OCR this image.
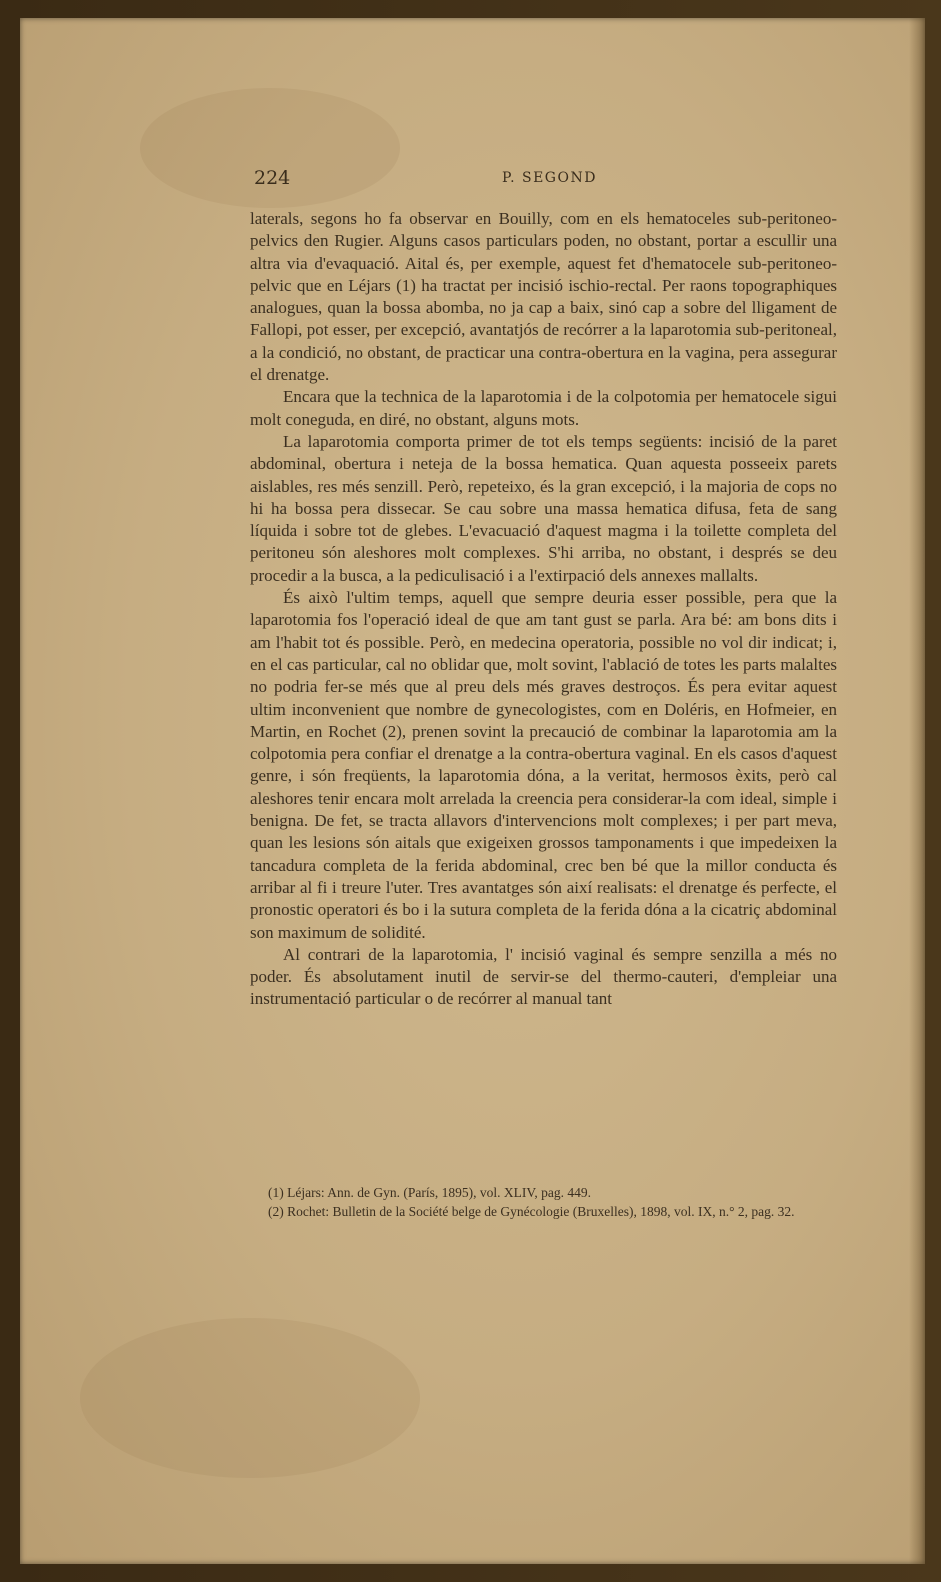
224	P. SEGOND

laterals, segons ho fa observar en Bouilly, com en els hematoceles sub-peritoneo-pelvics den Rugier. Alguns casos particulars poden, no obstant, portar a escullir una altra via d'evaquació. Aital és, per exemple, aquest fet d'hematocele sub-peritoneo-pelvic que en Léjars (1) ha tractat per incisió ischio-rectal. Per raons topographiques analogues, quan la bossa abomba, no ja cap a baix, sinó cap a sobre del lligament de Fallopi, pot esser, per excepció, avantatjós de recórrer a la laparotomia sub-peritoneal, a la condició, no obstant, de practicar una contra-obertura en la vagina, pera assegurar el drenatge.

Encara que la technica de la laparotomia i de la colpotomia per hematocele sigui molt coneguda, en diré, no obstant, alguns mots.

La laparotomia comporta primer de tot els temps següents: incisió de la paret abdominal, obertura i neteja de la bossa hematica. Quan aquesta posseeix parets aislables, res més senzill. Però, repeteixo, és la gran excepció, i la majoria de cops no hi ha bossa pera dissecar. Se cau sobre una massa hematica difusa, feta de sang líquida i sobre tot de glebes. L'evacuació d'aquest magma i la toilette completa del peritoneu són aleshores molt complexes. S'hi arriba, no obstant, i després se deu procedir a la busca, a la pediculisació i a l'extirpació dels annexes mallalts.

És això l'ultim temps, aquell que sempre deuria esser possible, pera que la laparotomia fos l'operació ideal de que am tant gust se parla. Ara bé: am bons dits i am l'habit tot és possible. Però, en medecina operatoria, possible no vol dir indicat; i, en el cas particular, cal no oblidar que, molt sovint, l'ablació de totes les parts malaltes no podria fer-se més que al preu dels més graves destroços. És pera evitar aquest ultim inconvenient que nombre de gynecologistes, com en Doléris, en Hofmeier, en Martin, en Rochet (2), prenen sovint la precaució de combinar la laparotomia am la colpotomia pera confiar el drenatge a la contra-obertura vaginal. En els casos d'aquest genre, i són freqüents, la laparotomia dóna, a la veritat, hermosos èxits, però cal aleshores tenir encara molt arrelada la creencia pera considerar-la com ideal, simple i benigna. De fet, se tracta allavors d'intervencions molt complexes; i per part meva, quan les lesions són aitals que exigeixen grossos tamponaments i que impedeixen la tancadura completa de la ferida abdominal, crec ben bé que la millor conducta és arribar al fi i treure l'uter. Tres avantatges són així realisats: el drenatge és perfecte, el pronostic operatori és bo i la sutura completa de la ferida dóna a la cicatriç abdominal son maximum de solidité.

Al contrari de la laparotomia, l' incisió vaginal és sempre senzilla a més no poder. És absolutament inutil de servir-se del thermo-cauteri, d'empleiar una instrumentació particular o de recórrer al manual tant

(1) Léjars: Ann. de Gyn. (París, 1895), vol. XLIV, pag. 449.

(2) Rochet: Bulletin de la Société belge de Gynécologie (Bruxelles), 1898, vol. IX, n.° 2, pag. 32.
